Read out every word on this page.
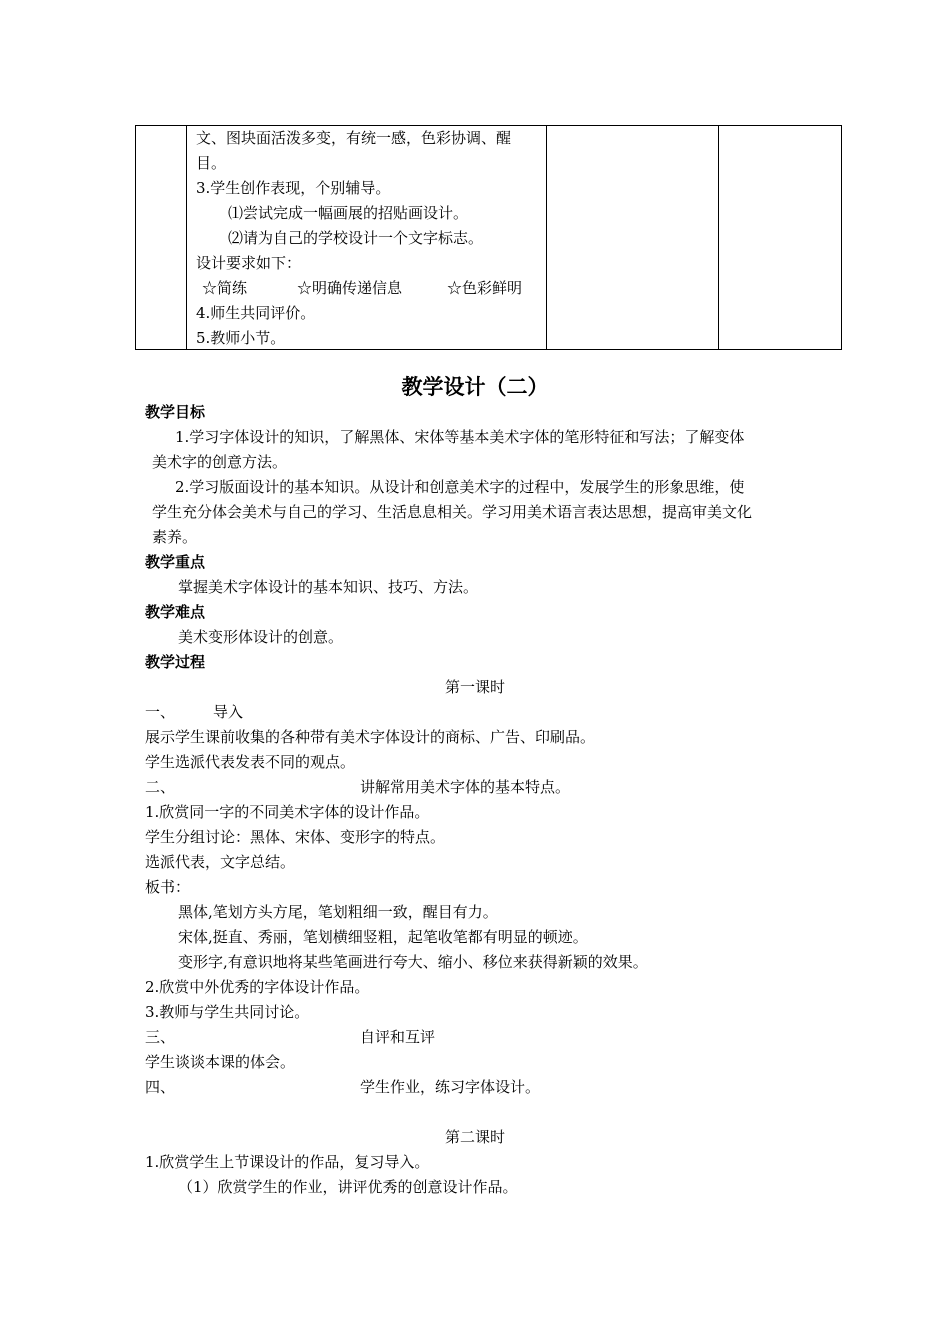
文、图块面活泼多变，有统一感，色彩协调、醒
目。
3.学生创作表现，个别辅导。
⑴尝试完成一幅画展的招贴画设计。
⑵请为自己的学校设计一个文字标志。
设计要求如下：
☆简练	☆明确传递信息	☆色彩鲜明
4.师生共同评价。
5.教师小节。
教学设计（二）
教学目标
1.学习字体设计的知识，了解黑体、宋体等基本美术字体的笔形特征和写法；了解变体
美术字的创意方法。
2.学习版面设计的基本知识。从设计和创意美术字的过程中，发展学生的形象思维，使
学生充分体会美术与自己的学习、生活息息相关。学习用美术语言表达思想，提高审美文化
素养。
教学重点
掌握美术字体设计的基本知识、技巧、方法。
教学难点
美术变形体设计的创意。
教学过程
第一课时
一、	导入
展示学生课前收集的各种带有美术字体设计的商标、广告、印刷品。
学生选派代表发表不同的观点。
二、	讲解常用美术字体的基本特点。
1.欣赏同一字的不同美术字体的设计作品。
学生分组讨论：黑体、宋体、变形字的特点。
选派代表，文字总结。
板书：
黑体,笔划方头方尾，笔划粗细一致，醒目有力。
宋体,挺直、秀丽，笔划横细竖粗，起笔收笔都有明显的顿迹。
变形字,有意识地将某些笔画进行夸大、缩小、移位来获得新颖的效果。
2.欣赏中外优秀的字体设计作品。
3.教师与学生共同讨论。
三、	自评和互评
学生谈谈本课的体会。
四、	学生作业，练习字体设计。
第二课时
1.欣赏学生上节课设计的作品，复习导入。
（1）欣赏学生的作业，讲评优秀的创意设计作品。
